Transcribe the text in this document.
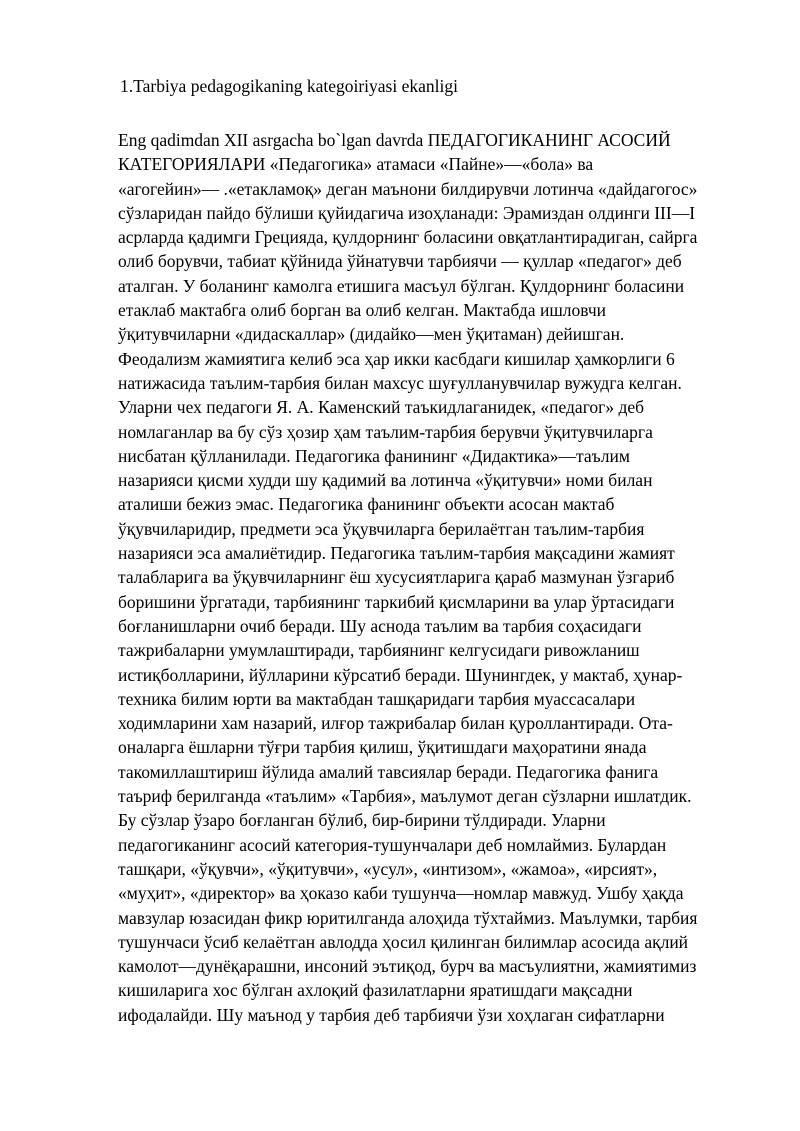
1.Tarbiya pedagogikaning kategoiriyasi ekanligi

Eng qadimdan XII asrgacha bo`lgan davrda ПЕДАГОГИКАНИНГ АСОСИЙ
КАТЕГОРИЯЛАРИ «Педагогика» атамаси «Пайне»—«бола» ва
«агогейин»— .«етакламоқ» деган маънони билдирувчи лотинча «дайдагогос»
сўзларидан пайдо бўлиши қуйидагича изоҳланади: Эрамиздан олдинги III—I
асрларда қадимги Грецияда, қулдорнинг боласини овқатлантирадиган, сайрга
олиб борувчи, табиат қўйнида ўйнатувчи тарбиячи — қуллар «педагог» деб
аталган. У боланинг камолга етишига масъул бўлган. Қулдорнинг боласини
етаклаб мактабга олиб борган ва олиб келган. Мактабда ишловчи
ўқитувчиларни «дидаскаллар» (дидайко—мен ўқитаман) дейишган.
Феодализм жамиятига келиб эса ҳар икки касбдаги кишилар ҳамкорлиги 6
натижасида таълим-тарбия билан махсус шуғулланувчилар вужудга келган.
Уларни чех педагоги Я. А. Каменский таъкидлаганидек, «педагог» деб
номлаганлар ва бу сўз ҳозир ҳам таълим-тарбия берувчи ўқитувчиларга
нисбатан қўлланилади. Педагогика фанининг «Дидактика»—таълим
назарияси қисми худди шу қадимий ва лотинча «ўқитувчи» номи билан
аталиши бежиз эмас. Педагогика фанининг объекти асосан мактаб
ўқувчиларидир, предмети эса ўқувчиларга берилаётган таълим-тарбия
назарияси эса амалиётидир. Педагогика таълим-тарбия мақсадини жамият
талабларига ва ўқувчиларнинг ёш хусусиятларига қараб мазмунан ўзгариб
боришини ўргатади, тарбиянинг таркибий қисмларини ва улар ўртасидаги
боғланишларни очиб беради. Шу аснода таълим ва тарбия соҳасидаги
тажрибаларни умумлаштиради, тарбиянинг келгусидаги ривожланиш
истиқболларини, йўлларини кўрсатиб беради. Шунингдек, у мактаб, ҳунар-
техника билим юрти ва мактабдан ташқаридаги тарбия муассасалари
ходимларини хам назарий, илғор тажрибалар билан қуроллантиради. Ота-
оналарга ёшларни тўғри тарбия қилиш, ўқитишдаги маҳоратини янада
такомиллаштириш йўлида амалий тавсиялар беради. Педагогика фанига
таъриф берилганда «таълим» «Тарбия», маълумот деган сўзларни ишлатдик.
Бу сўзлар ўзаро боғланган бўлиб, бир-бирини тўлдиради. Уларни
педагогиканинг асосий категория-тушунчалари деб номлаймиз. Булардан
ташқари, «ўқувчи», «ўқитувчи», «усул», «интизом», «жамоа», «ирсият»,
«муҳит», «директор» ва ҳоказо каби тушунча—номлар мавжуд. Ушбу ҳақда
мавзулар юзасидан фикр юритилганда алоҳида тўхтаймиз. Маълумки, тарбия
тушунчаси ўсиб келаётган авлодда ҳосил қилинган билимлар асосида ақлий
камолот—дунёқарашни, инсоний эътиқод, бурч ва масъулиятни, жамиятимиз
кишиларига хос бўлган ахлоқий фазилатларни яратишдаги мақсадни
ифодалайди. Шу маънод у тарбия деб тарбиячи ўзи хоҳлаган сифатларни
